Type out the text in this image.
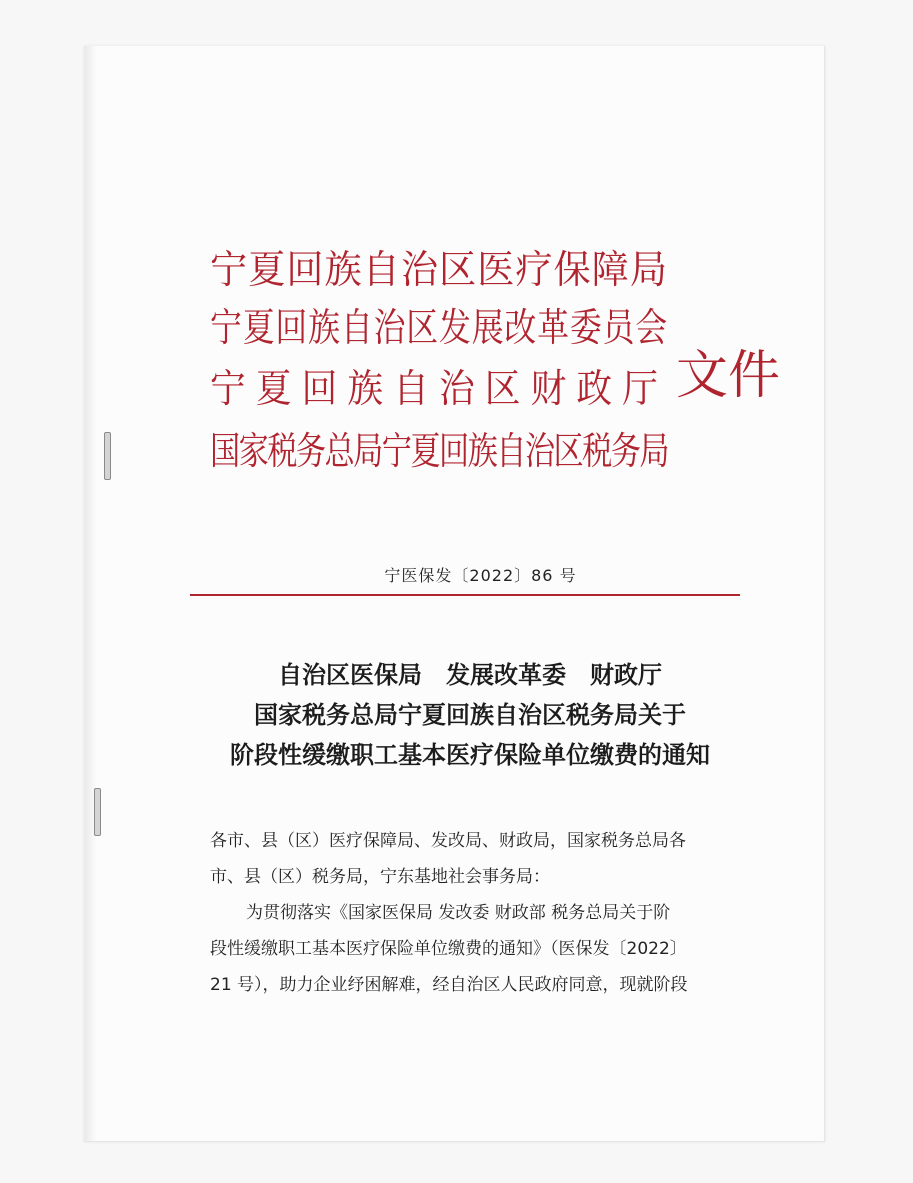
宁夏回族自治区医疗保障局
宁夏回族自治区发展改革委员会
宁夏回族自治区财政厅
国家税务总局宁夏回族自治区税务局
文件
宁医保发〔2022〕86 号
自治区医保局　发展改革委　财政厅
国家税务总局宁夏回族自治区税务局关于
阶段性缓缴职工基本医疗保险单位缴费的通知
各市、县（区）医疗保障局、发改局、财政局，国家税务总局各
市、县（区）税务局，宁东基地社会事务局：
为贯彻落实《国家医保局 发改委 财政部 税务总局关于阶
段性缓缴职工基本医疗保险单位缴费的通知》（医保发〔2022〕
21 号），助力企业纾困解难，经自治区人民政府同意，现就阶段
